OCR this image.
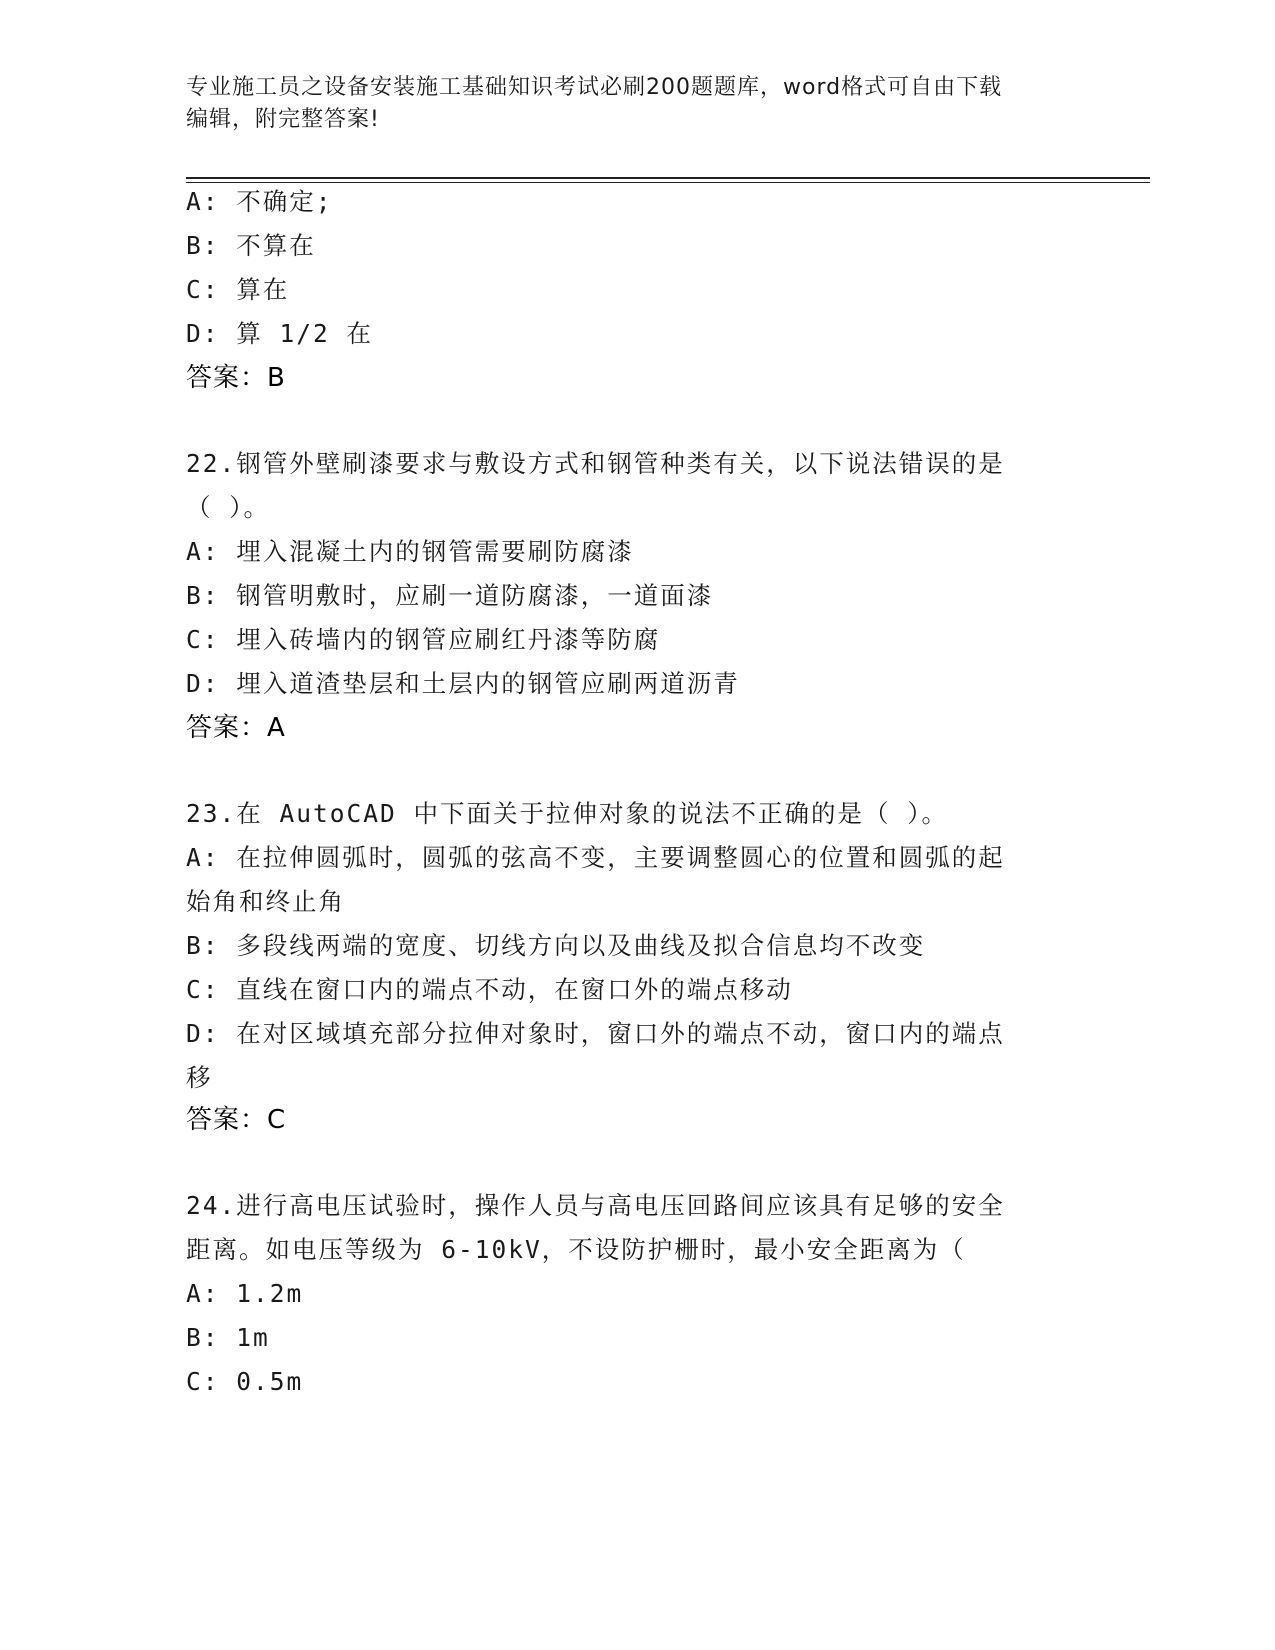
专业施工员之设备安装施工基础知识考试必刷200题题库，word格式可自由下载
编辑，附完整答案!
A: 不确定;
B: 不算在
C: 算在
D: 算 1/2 在
答案：B
22.钢管外壁刷漆要求与敷设方式和钢管种类有关，以下说法错误的是
（ ）。
A: 埋入混凝土内的钢管需要刷防腐漆
B: 钢管明敷时，应刷一道防腐漆，一道面漆
C: 埋入砖墙内的钢管应刷红丹漆等防腐
D: 埋入道渣垫层和土层内的钢管应刷两道沥青
答案：A
23.在 AutoCAD 中下面关于拉伸对象的说法不正确的是（ ）。
A: 在拉伸圆弧时，圆弧的弦高不变，主要调整圆心的位置和圆弧的起
始角和终止角
B: 多段线两端的宽度、切线方向以及曲线及拟合信息均不改变
C: 直线在窗口内的端点不动，在窗口外的端点移动
D: 在对区域填充部分拉伸对象时，窗口外的端点不动，窗口内的端点
移
答案：C
24.进行高电压试验时，操作人员与高电压回路间应该具有足够的安全
距离。如电压等级为 6-10kV，不设防护栅时，最小安全距离为（
A: 1.2m
B: 1m
C: 0.5m
